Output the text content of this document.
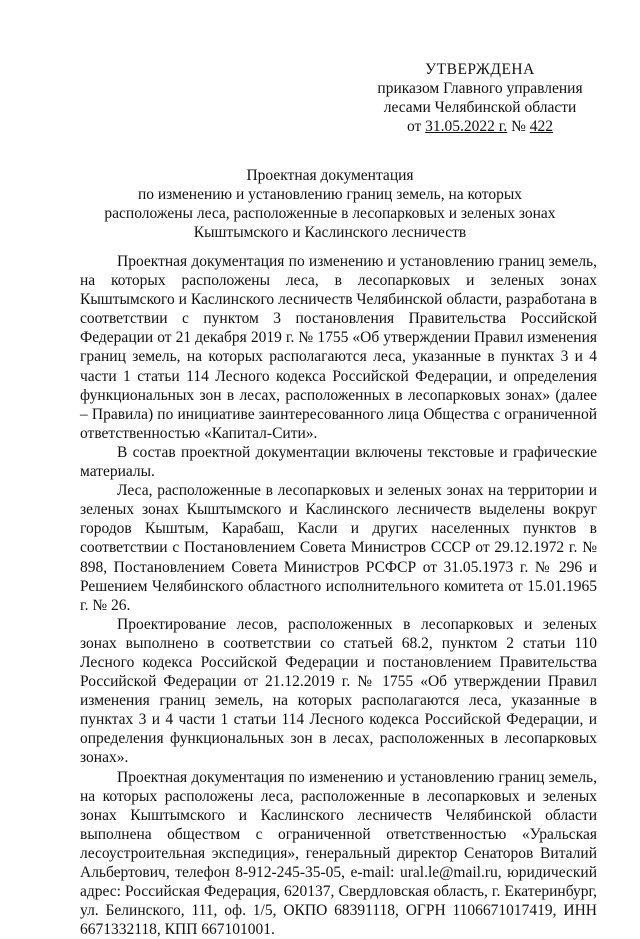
УТВЕРЖДЕНА
приказом Главного управления
лесами Челябинской области
от 31.05.2022 г. № 422
Проектная документация
по изменению и установлению границ земель, на которых
расположены леса, расположенные в лесопарковых и зеленых зонах
Кыштымского и Каслинского лесничеств

Проектная документация по изменению и установлению границ земель, на которых расположены леса, в лесопарковых и зеленых зонах Кыштымского и Каслинского лесничеств Челябинской области, разработана в соответствии с пунктом 3 постановления Правительства Российской Федерации от 21 декабря 2019 г. № 1755 «Об утверждении Правил изменения границ земель, на которых располагаются леса, указанные в пунктах 3 и 4 части 1 статьи 114 Лесного кодекса Российской Федерации, и определения функциональных зон в лесах, расположенных в лесопарковых зонах» (далее – Правила) по инициативе заинтересованного лица Общества с ограниченной ответственностью «Капитал-Сити».

В состав проектной документации включены текстовые и графические материалы.

Леса, расположенные в лесопарковых и зеленых зонах на территории и зеленых зонах Кыштымского и Каслинского лесничеств выделены вокруг городов Кыштым, Карабаш, Касли и других населенных пунктов в соответствии с Постановлением Совета Министров СССР от 29.12.1972 г. № 898, Постановлением Совета Министров РСФСР от 31.05.1973 г. № 296 и Решением Челябинского областного исполнительного комитета от 15.01.1965 г. № 26.

Проектирование лесов, расположенных в лесопарковых и зеленых зонах выполнено в соответствии со статьей 68.2, пунктом 2 статьи 110 Лесного кодекса Российской Федерации и постановлением Правительства Российской Федерации от 21.12.2019 г. № 1755 «Об утверждении Правил изменения границ земель, на которых располагаются леса, указанные в пунктах 3 и 4 части 1 статьи 114 Лесного кодекса Российской Федерации, и определения функциональных зон в лесах, расположенных в лесопарковых зонах».

Проектная документация по изменению и установлению границ земель, на которых расположены леса, расположенные в лесопарковых и зеленых зонах Кыштымского и Каслинского лесничеств Челябинской области выполнена обществом с ограниченной ответственностью «Уральская лесоустроительная экспедиция», генеральный директор Сенаторов Виталий Альбертович, телефон 8-912-245-35-05, e-mail: ural.le@mail.ru, юридический адрес: Российская Федерация, 620137, Свердловская область, г. Екатеринбург, ул. Белинского, 111, оф. 1/5, ОКПО 68391118, ОГРН 1106671017419, ИНН 6671332118, КПП 667101001.
